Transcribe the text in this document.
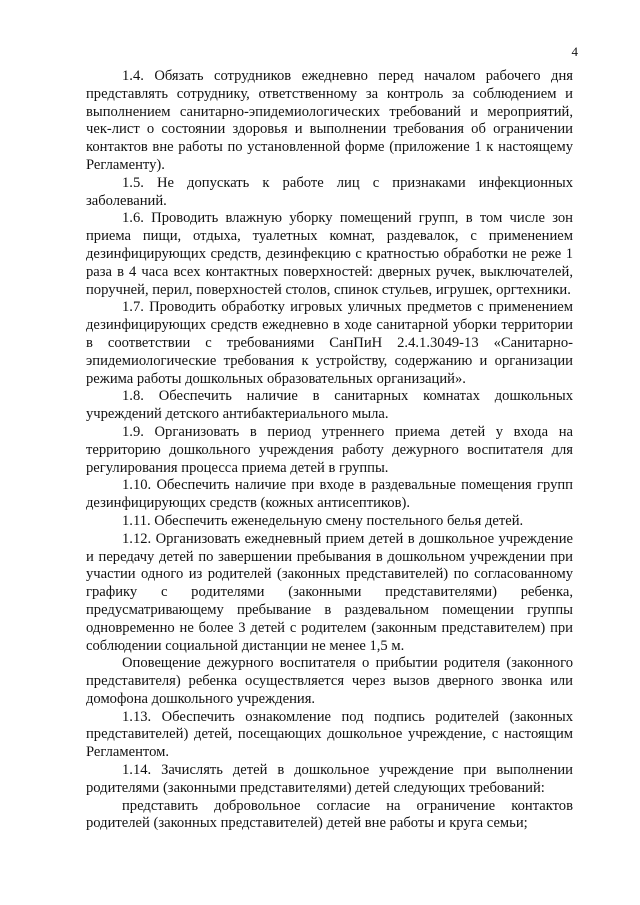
4

1.4. Обязать сотрудников ежедневно перед началом рабочего дня представлять сотруднику, ответственному за контроль за соблюдением и выполнением санитарно-эпидемиологических требований и мероприятий, чек-лист о состоянии здоровья и выполнении требования об ограничении контактов вне работы по установленной форме (приложение 1 к настоящему Регламенту).

1.5. Не допускать к работе лиц с признаками инфекционных заболеваний.

1.6. Проводить влажную уборку помещений групп, в том числе зон приема пищи, отдыха, туалетных комнат, раздевалок, с применением дезинфицирующих средств, дезинфекцию с кратностью обработки не реже 1 раза в 4 часа всех контактных поверхностей: дверных ручек, выключателей, поручней, перил, поверхностей столов, спинок стульев, игрушек, оргтехники.

1.7. Проводить обработку игровых уличных предметов с применением дезинфицирующих средств ежедневно в ходе санитарной уборки территории в соответствии с требованиями СанПиН 2.4.1.3049-13 «Санитарно-эпидемиологические требования к устройству, содержанию и организации режима работы дошкольных образовательных организаций».

1.8. Обеспечить наличие в санитарных комнатах дошкольных учреждений детского антибактериального мыла.

1.9. Организовать в период утреннего приема детей у входа на территорию дошкольного учреждения работу дежурного воспитателя для регулирования процесса приема детей в группы.

1.10. Обеспечить наличие при входе в раздевальные помещения групп дезинфицирующих средств (кожных антисептиков).

1.11. Обеспечить еженедельную смену постельного белья детей.

1.12. Организовать ежедневный прием детей в дошкольное учреждение и передачу детей по завершении пребывания в дошкольном учреждении при участии одного из родителей (законных представителей) по согласованному графику с родителями (законными представителями) ребенка, предусматривающему пребывание в раздевальном помещении группы одновременно не более 3 детей с родителем (законным представителем) при соблюдении социальной дистанции не менее 1,5 м.

Оповещение дежурного воспитателя о прибытии родителя (законного представителя) ребенка осуществляется через вызов дверного звонка или домофона дошкольного учреждения.

1.13. Обеспечить ознакомление под подпись родителей (законных представителей) детей, посещающих дошкольное учреждение, с настоящим Регламентом.

1.14. Зачислять детей в дошкольное учреждение при выполнении родителями (законными представителями) детей следующих требований:

представить добровольное согласие на ограничение контактов родителей (законных представителей) детей вне работы и круга семьи;
